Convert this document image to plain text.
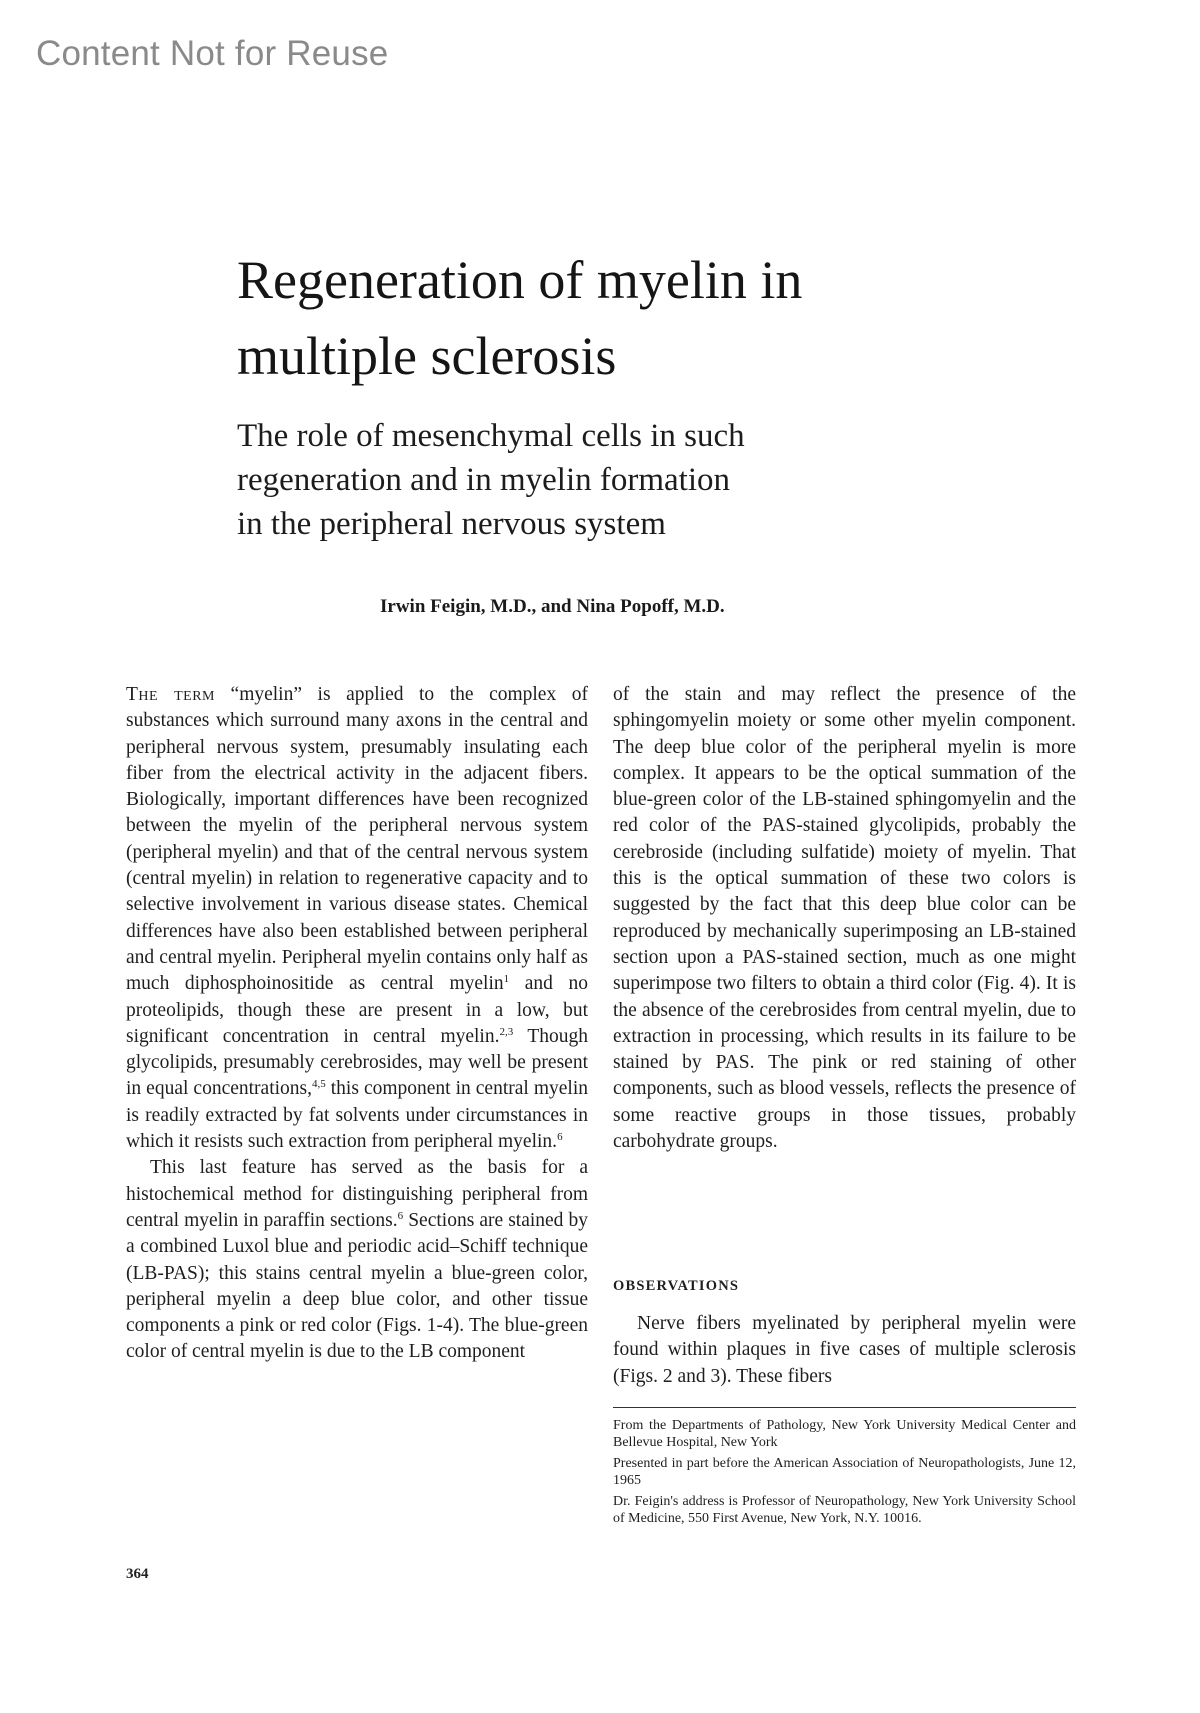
Content Not for Reuse
Regeneration of myelin in
multiple sclerosis
The role of mesenchymal cells in such
regeneration and in myelin formation
in the peripheral nervous system
Irwin Feigin, M.D., and Nina Popoff, M.D.

The term “myelin” is applied to the complex of substances which surround many axons in the central and peripheral nervous system, presumably insulating each fiber from the electrical activity in the adjacent fibers. Biologically, important differences have been recognized between the myelin of the peripheral nervous system (peripheral myelin) and that of the central nervous system (central myelin) in relation to regenerative capacity and to selective involvement in various disease states. Chemical differences have also been established between peripheral and central myelin. Peripheral myelin contains only half as much diphosphoinositide as central myelin$^1$ and no proteolipids, though these are present in a low, but significant concentration in central myelin.$^{2,3}$ Though glycolipids, presumably cerebrosides, may well be present in equal concentrations,$^{4,5}$ this component in central myelin is readily extracted by fat solvents under circumstances in which it resists such extraction from peripheral myelin.$^6$

This last feature has served as the basis for a histochemical method for distinguishing peripheral from central myelin in paraffin sections.$^6$ Sections are stained by a combined Luxol blue and periodic acid–Schiff technique (LB-PAS); this stains central myelin a blue-green color, peripheral myelin a deep blue color, and other tissue components a pink or red color (Figs. 1-4). The blue-green color of central myelin is due to the LB component

of the stain and may reflect the presence of the sphingomyelin moiety or some other myelin component. The deep blue color of the peripheral myelin is more complex. It appears to be the optical summation of the blue-green color of the LB-stained sphingomyelin and the red color of the PAS-stained glycolipids, probably the cerebroside (including sulfatide) moiety of myelin. That this is the optical summation of these two colors is suggested by the fact that this deep blue color can be reproduced by mechanically superimposing an LB-stained section upon a PAS-stained section, much as one might superimpose two filters to obtain a third color (Fig. 4). It is the absence of the cerebrosides from central myelin, due to extraction in processing, which results in its failure to be stained by PAS. The pink or red staining of other components, such as blood vessels, reflects the presence of some reactive groups in those tissues, probably carbohydrate groups.

OBSERVATIONS

Nerve fibers myelinated by peripheral myelin were found within plaques in five cases of multiple sclerosis (Figs. 2 and 3). These fibers

From the Departments of Pathology, New York University Medical Center and Bellevue Hospital, New York

Presented in part before the American Association of Neuropathologists, June 12, 1965

Dr. Feigin's address is Professor of Neuropathology, New York University School of Medicine, 550 First Avenue, New York, N.Y. 10016.

364
